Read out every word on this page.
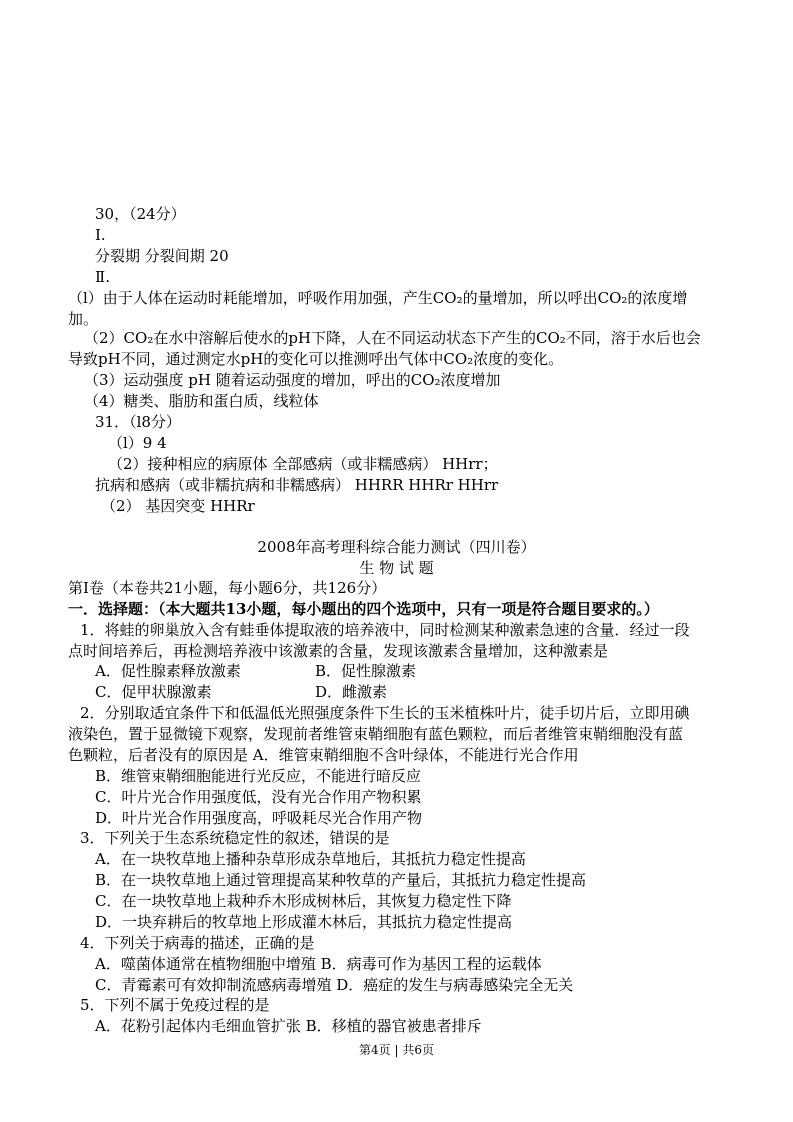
30，（24分）
Ⅰ.
分裂期 分裂间期 20
Ⅱ.
（l）由于人体在运动时耗能增加，呼吸作用加强，产生CO₂的量增加，所以呼出CO₂的浓度增
加。
（2）CO₂在水中溶解后使水的pH下降，人在不同运动状态下产生的CO₂不同，溶于水后也会
导致pH不同，通过测定水pH的变化可以推测呼出气体中CO₂浓度的变化。
（3）运动强度 pH 随着运动强度的增加，呼出的CO₂浓度增加
（4）糖类、脂肪和蛋白质，线粒体
31．（l8分）
（l）9 4
（2）接种相应的病原体 全部感病（或非糯感病） HHrr；
抗病和感病（或非糯抗病和非糯感病） HHRR HHRr HHrr
（2） 基因突变 HHRr
2008年高考理科综合能力测试（四川卷）
生 物 试 题
第Ⅰ卷（本卷共21小题，每小题6分，共126分）
一．选择题：（本大题共13小题，每小题出的四个选项中，只有一项是符合题目要求的。）
1．将蛙的卵巢放入含有蛙垂体提取液的培养液中，同时检测某种激素急速的含量．经过一段
点时间培养后，再检测培养液中该激素的含量，发现该激素含量增加，这种激素是
A．促性腺素释放激素	B．促性腺激素
C．促甲状腺激素	D．雌激素
2．分别取适宜条件下和低温低光照强度条件下生长的玉米植株叶片，徒手切片后，立即用碘
液染色，置于显微镜下观察，发现前者维管束鞘细胞有蓝色颗粒，而后者维管束鞘细胞没有蓝
色颗粒，后者没有的原因是 A．维管束鞘细胞不含叶绿体，不能进行光合作用
B．维管束鞘细胞能进行光反应，不能进行暗反应
C．叶片光合作用强度低，没有光合作用产物积累
D．叶片光合作用强度高，呼吸耗尽光合作用产物
3．下列关于生态系统稳定性的叙述，错误的是
A．在一块牧草地上播种杂草形成杂草地后，其抵抗力稳定性提高
B．在一块牧草地上通过管理提高某种牧草的产量后，其抵抗力稳定性提高
C．在一块牧草地上栽种乔木形成树林后，其恢复力稳定性下降
D．一块弃耕后的牧草地上形成灌木林后，其抵抗力稳定性提高
4．下列关于病毒的描述，正确的是
A．噬菌体通常在植物细胞中增殖 B．病毒可作为基因工程的运载体
C．青霉素可有效抑制流感病毒增殖 D．癌症的发生与病毒感染完全无关
5．下列不属于免疫过程的是
A．花粉引起体内毛细血管扩张 B．移植的器官被患者排斥
第4页 | 共6页
